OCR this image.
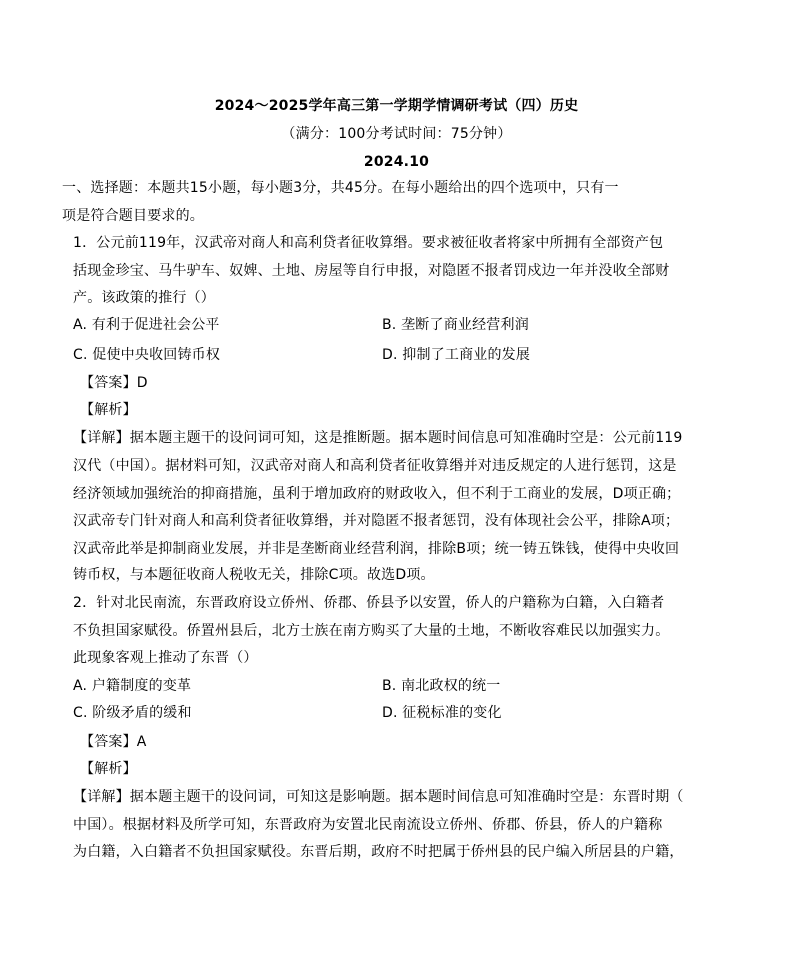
2024～2025学年高三第一学期学情调研考试（四）历史
（满分：100分考试时间：75分钟）
2024.10
一、选择题：本题共15小题，每小题3分，共45分。在每小题给出的四个选项中，只有一
项是符合题目要求的。
1．公元前119年，汉武帝对商人和高利贷者征收算缗。要求被征收者将家中所拥有全部资产包
括现金珍宝、马牛驴车、奴婢、土地、房屋等自行申报，对隐匿不报者罚戍边一年并没收全部财
产。该政策的推行（）
A. 有利于促进社会公平	B. 垄断了商业经营利润
C. 促使中央收回铸币权	D. 抑制了工商业的发展
【答案】D
【解析】
【详解】据本题主题干的设问词可知，这是推断题。据本题时间信息可知准确时空是：公元前119
汉代（中国）。据材料可知，汉武帝对商人和高利贷者征收算缗并对违反规定的人进行惩罚，这是
经济领域加强统治的抑商措施，虽利于增加政府的财政收入，但不利于工商业的发展，D项正确；
汉武帝专门针对商人和高利贷者征收算缗，并对隐匿不报者惩罚，没有体现社会公平，排除A项；
汉武帝此举是抑制商业发展，并非是垄断商业经营利润，排除B项；统一铸五铢钱，使得中央收回
铸币权，与本题征收商人税收无关，排除C项。故选D项。
2．针对北民南流，东晋政府设立侨州、侨郡、侨县予以安置，侨人的户籍称为白籍，入白籍者
不负担国家赋役。侨置州县后，北方士族在南方购买了大量的土地，不断收容难民以加强实力。
此现象客观上推动了东晋（）
A. 户籍制度的变革	B. 南北政权的统一
C. 阶级矛盾的缓和	D. 征税标准的变化
【答案】A
【解析】
【详解】据本题主题干的设问词，可知这是影响题。据本题时间信息可知准确时空是：东晋时期（
中国）。根据材料及所学可知，东晋政府为安置北民南流设立侨州、侨郡、侨县，侨人的户籍称
为白籍，入白籍者不负担国家赋役。东晋后期，政府不时把属于侨州县的民户编入所居县的户籍，
